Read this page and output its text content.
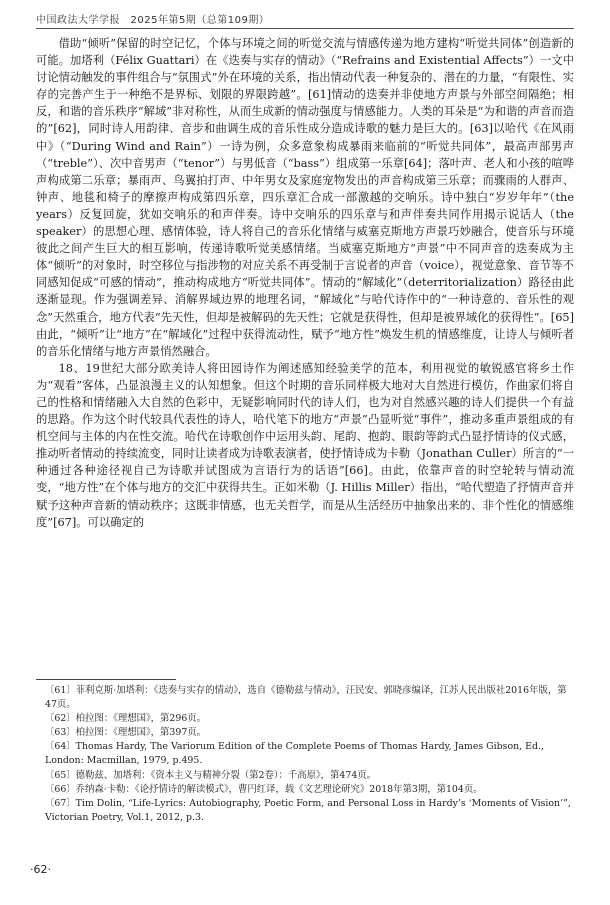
中国政法大学学报　2025年第5期（总第109期）

借助“倾听”保留的时空记忆，个体与环境之间的听觉交流与情感传递为地方建构“听觉共同体”创造新的可能。加塔利（Félix Guattari）在《迭奏与实存的情动》（“Refrains and Existential Affects”）一文中讨论情动触发的事件组合与“氛围式”外在环境的关系，指出情动代表一种复杂的、潜在的力量，“有限性、实存的完善产生于一种绝不是界标、划限的界限跨越”。[61]情动的迭奏并非使地方声景与外部空间隔绝；相反，和谐的音乐秩序“解域”非对称性，从而生成新的情动强度与情感能力。人类的耳朵是“为和谐的声音而造的”[62]，同时诗人用韵律、音步和曲调生成的音乐性成分造成诗歌的魅力是巨大的。[63]以哈代《在风雨中》（“During Wind and Rain”）一诗为例，众多意象构成暴雨来临前的“听觉共同体”，最高声部男声（“treble”）、次中音男声（“tenor”）与男低音（“bass”）组成第一乐章[64]；落叶声、老人和小孩的喧哗声构成第二乐章；暴雨声、鸟翼拍打声、中年男女及家庭宠物发出的声音构成第三乐章；而骤雨的人群声、钟声、地毯和椅子的摩擦声构成第四乐章，四乐章汇合成一部激越的交响乐。诗中独白“岁岁年年”（the years）反复回旋，犹如交响乐的和声伴奏。诗中交响乐的四乐章与和声伴奏共同作用揭示说话人（the speaker）的思想心理、感情体验，诗人将自己的音乐化情绪与威塞克斯地方声景巧妙融合，使音乐与环境彼此之间产生巨大的相互影响，传递诗歌听觉美感情绪。当威塞克斯地方“声景”中不同声音的迭奏成为主体“倾听”的对象时，时空移位与指涉物的对应关系不再受制于言说者的声音（voice），视觉意象、音节等不同感知促成“可感的情动”，推动构成地方“听觉共同体”。情动的“解域化”（deterritorialization）路径由此逐渐显现。作为强调差异、消解界域边界的地理名词，“解域化”与哈代诗作中的“一种诗意的、音乐性的观念”天然重合，地方代表“先天性，但却是被解码的先天性；它就是获得性，但却是被界域化的获得性”。[65]由此，“倾听”让“地方”在“解域化”过程中获得流动性，赋予“地方性”焕发生机的情感维度，让诗人与倾听者的音乐化情绪与地方声景悄然融合。

18、19世纪大部分欧美诗人将田园诗作为阐述感知经验美学的范本，利用视觉的敏锐感官将乡土作为“观看”客体，凸显浪漫主义的认知想象。但这个时期的音乐同样极大地对大自然进行模仿，作曲家们将自己的性格和情绪融入大自然的色彩中，无疑影响同时代的诗人们，也为对自然感兴趣的诗人们提供一个有益的思路。作为这个时代较具代表性的诗人，哈代笔下的地方“声景”凸显听觉“事件”，推动多重声景组成的有机空间与主体的内在性交流。哈代在诗歌创作中运用头韵、尾韵、抱韵、眼韵等韵式凸显抒情诗的仪式感，推动听者情动的持续流变，同时让读者成为诗歌表演者，使抒情诗成为卡勒（Jonathan Culler）所言的“一种通过各种途径视自己为诗歌并试图成为言语行为的话语”[66]。由此，依靠声音的时空轮转与情动流变，“地方性”在个体与地方的交汇中获得共生。正如米勒（J. Hillis Miller）指出，“哈代塑造了抒情声音并赋予这种声音新的情动秩序；这既非情感，也无关哲学，而是从生活经历中抽象出来的、非个性化的情感维度”[67]。可以确定的

〔61〕菲利克斯·加塔利：《迭奏与实存的情动》，选自《德勒兹与情动》，汪民安、郭晓彦编译，江苏人民出版社2016年版，第47页。

〔62〕柏拉图：《理想国》，第296页。

〔63〕柏拉图：《理想国》，第397页。

〔64〕Thomas Hardy, The Variorum Edition of the Complete Poems of Thomas Hardy, James Gibson, Ed., London: Macmillan, 1979, p.495.

〔65〕德勒兹、加塔利：《资本主义与精神分裂（第2卷）：千高原》，第474页。

〔66〕乔纳森·卡勒：《论抒情诗的解读模式》，曹円红译，载《文艺理论研究》2018年第3期，第104页。

〔67〕Tim Dolin, “Life-Lyrics: Autobiography, Poetic Form, and Personal Loss in Hardy’s ‘Moments of Vision’”, Victorian Poetry, Vol.1, 2012, p.3.

·62·
